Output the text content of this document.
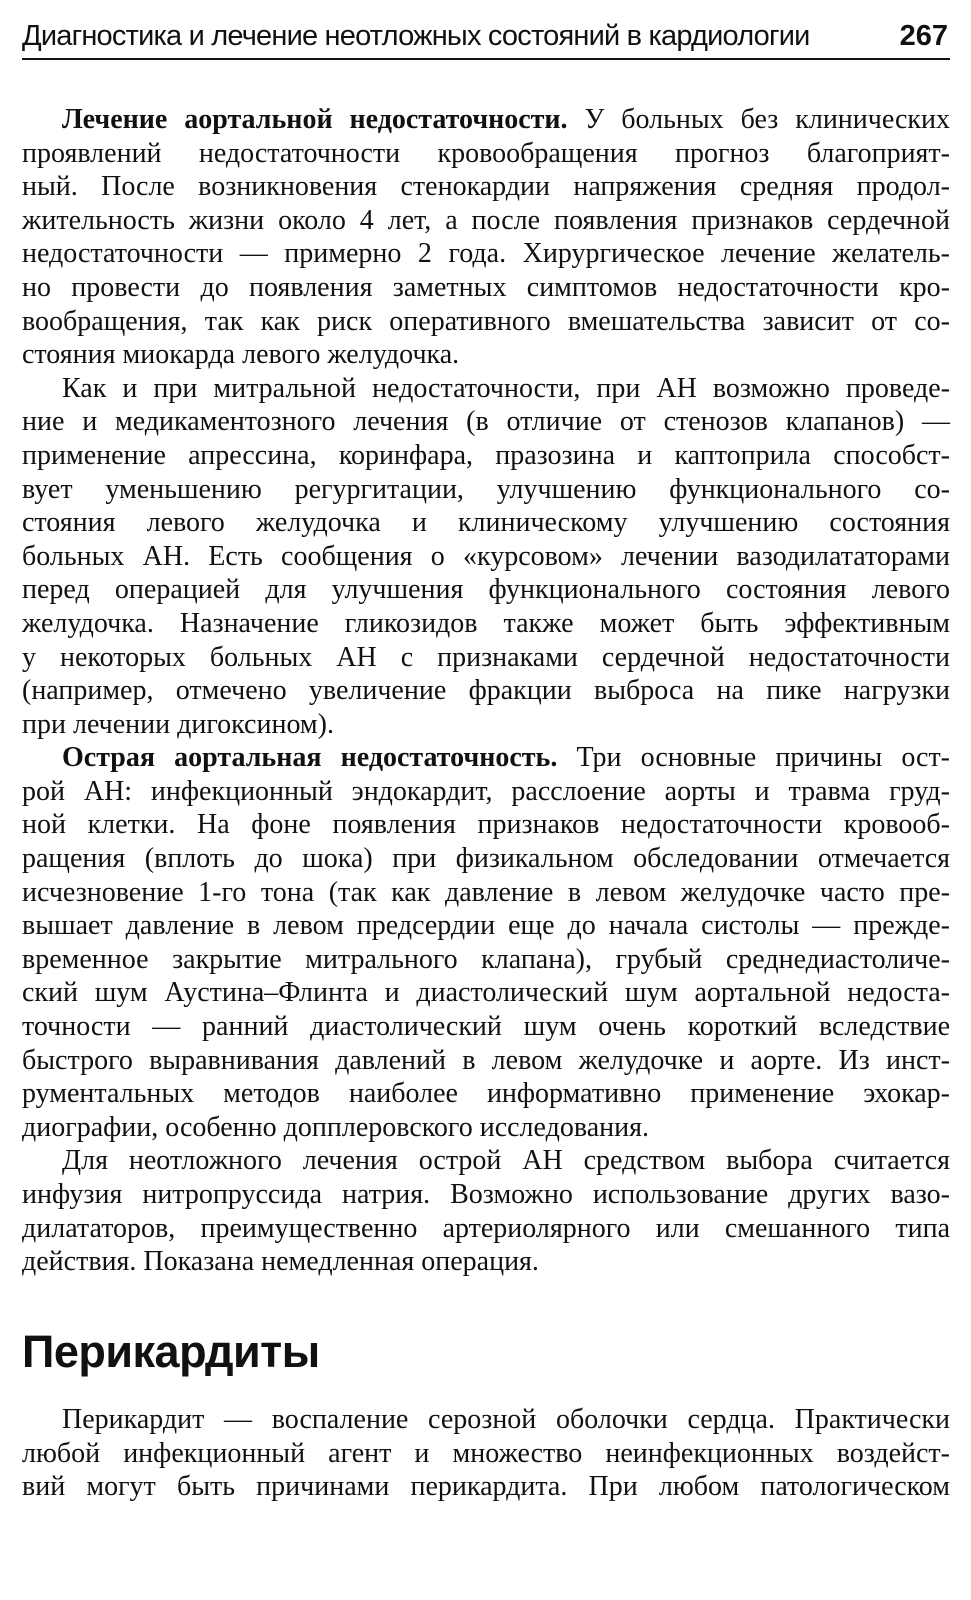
Диагностика и лечение неотложных состояний в кардиологии	267

Лечение аортальной недостаточности. У больных без клинических
проявлений недостаточности кровообращения прогноз благоприят-
ный. После возникновения стенокардии напряжения средняя продол-
жительность жизни около 4 лет, а после появления признаков сердечной
недостаточности — примерно 2 года. Хирургическое лечение желатель-
но провести до появления заметных симптомов недостаточности кро-
вообращения, так как риск оперативного вмешательства зависит от со-
стояния миокарда левого желудочка.

Как и при митральной недостаточности, при АН возможно проведе-
ние и медикаментозного лечения (в отличие от стенозов клапанов) —
применение апрессина, коринфара, празозина и каптоприла способст-
вует уменьшению регургитации, улучшению функционального со-
стояния левого желудочка и клиническому улучшению состояния
больных АН. Есть сообщения о «курсовом» лечении вазодилататорами
перед операцией для улучшения функционального состояния левого
желудочка. Назначение гликозидов также может быть эффективным
у некоторых больных АН с признаками сердечной недостаточности
(например, отмечено увеличение фракции выброса на пике нагрузки
при лечении дигоксином).

Острая аортальная недостаточность. Три основные причины ост-
рой АН: инфекционный эндокардит, расслоение аорты и травма груд-
ной клетки. На фоне появления признаков недостаточности кровооб-
ращения (вплоть до шока) при физикальном обследовании отмечается
исчезновение 1-го тона (так как давление в левом желудочке часто пре-
вышает давление в левом предсердии еще до начала систолы — прежде-
временное закрытие митрального клапана), грубый среднедиастоличе-
ский шум Аустина–Флинта и диастолический шум аортальной недоста-
точности — ранний диастолический шум очень короткий вследствие
быстрого выравнивания давлений в левом желудочке и аорте. Из инст-
рументальных методов наиболее информативно применение эхокар-
диографии, особенно допплеровского исследования.

Для неотложного лечения острой АН средством выбора считается
инфузия нитропруссида натрия. Возможно использование других вазо-
дилататоров, преимущественно артериолярного или смешанного типа
действия. Показана немедленная операция.

Перикардиты

Перикардит — воспаление серозной оболочки сердца. Практически
любой инфекционный агент и множество неинфекционных воздейст-
вий могут быть причинами перикардита. При любом патологическом
